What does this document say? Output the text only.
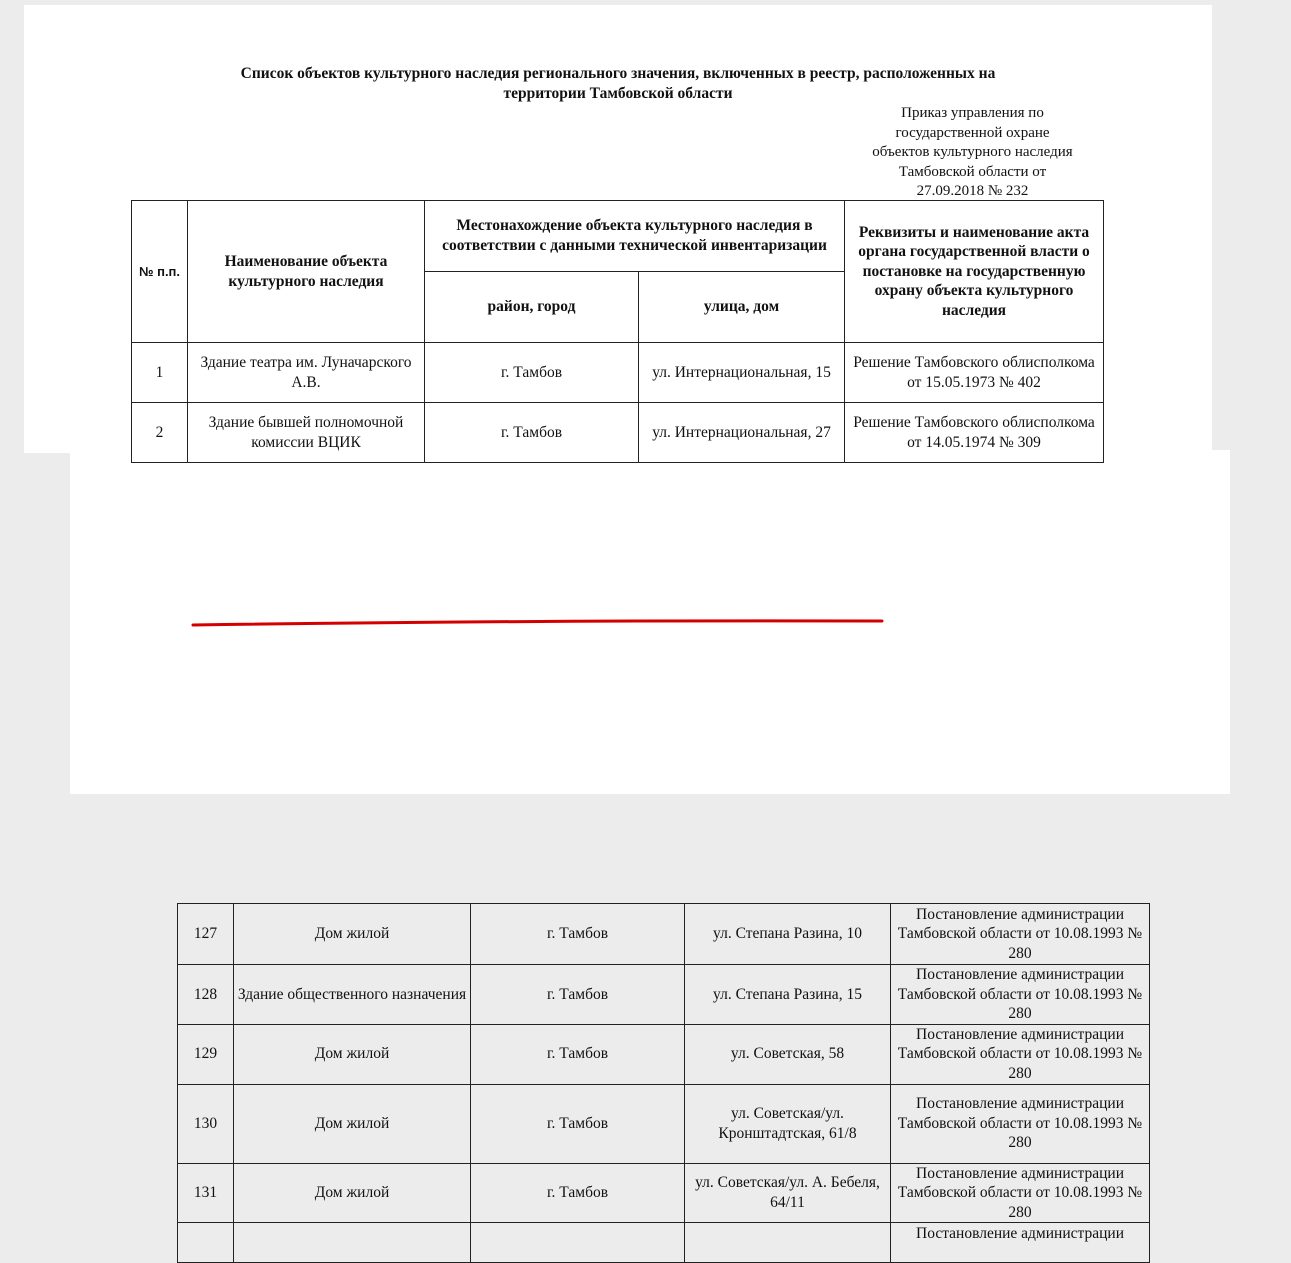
Список объектов культурного наследия регионального значения, включенных в реестр, расположенных на
территории Тамбовской области
Приказ управления по
государственной охране
объектов культурного наследия
Тамбовской области от
27.09.2018 № 232
№ п.п.	Наименование объекта культурного наследия	Местонахождение объекта культурного наследия в соответствии с данными технической инвентаризации		Реквизиты и наименование акта органа государственной власти о постановке на государственную охрану объекта культурного наследия
		район, город	улица, дом	
1	Здание театра им. Луначарского А.В.	г. Тамбов	ул. Интернациональная, 15	Решение Тамбовского облисполкома от 15.05.1973 № 402
2	Здание бывшей полномочной комиссии ВЦИК	г. Тамбов	ул. Интернациональная, 27	Решение Тамбовского облисполкома от 14.05.1974 № 309
127	Дом жилой	г. Тамбов	ул. Степана Разина, 10	Постановление администрации Тамбовской области от 10.08.1993 № 280
128	Здание общественного назначения	г. Тамбов	ул. Степана Разина, 15	Постановление администрации Тамбовской области от 10.08.1993 № 280
129	Дом жилой	г. Тамбов	ул. Советская, 58	Постановление администрации Тамбовской области от 10.08.1993 № 280
130	Дом жилой	г. Тамбов	ул. Советская/ул. Кронштадтская, 61/8	Постановление администрации Тамбовской области от 10.08.1993 № 280
131	Дом жилой	г. Тамбов	ул. Советская/ул. А. Бебеля, 64/11	Постановление администрации Тамбовской области от 10.08.1993 № 280
				Постановление администрации
